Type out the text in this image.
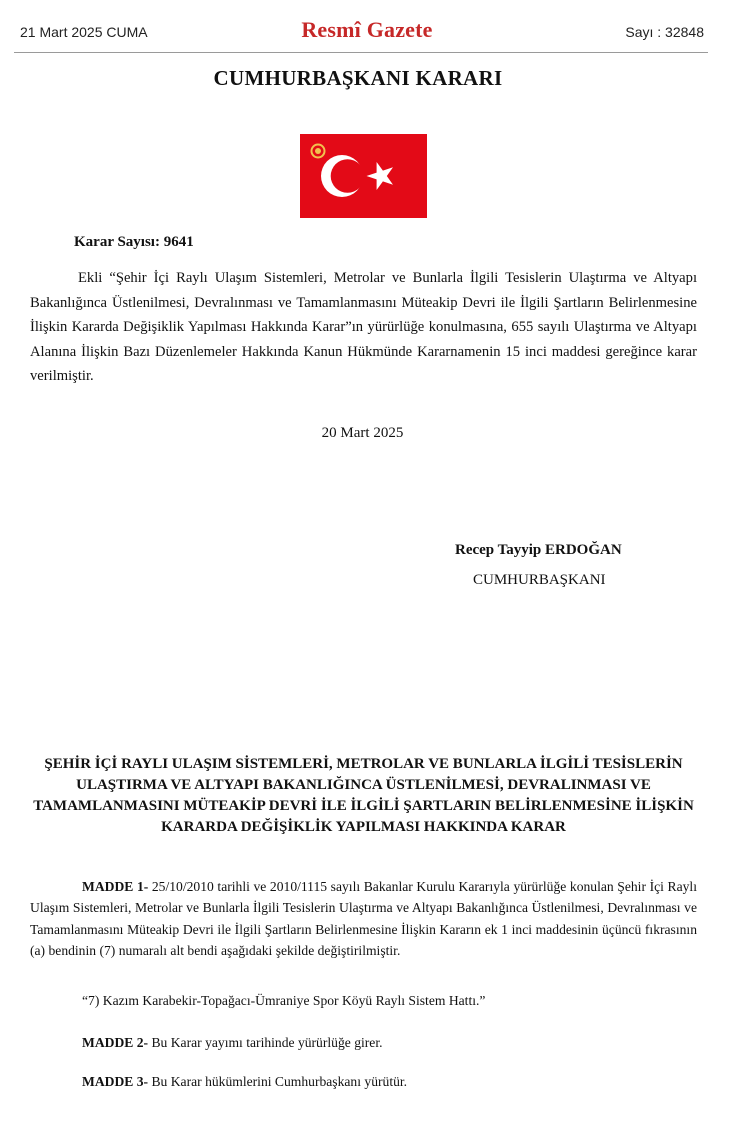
21 Mart 2025 CUMA	Resmî Gazete	Sayı : 32848
CUMHURBAŞKANI KARARI
Karar Sayısı: 9641

Ekli “Şehir İçi Raylı Ulaşım Sistemleri, Metrolar ve Bunlarla İlgili Tesislerin Ulaştırma ve Altyapı Bakanlığınca Üstlenilmesi, Devralınması ve Tamamlanmasını Müteakip Devri ile İlgili Şartların Belirlenmesine İlişkin Kararda Değişiklik Yapılması Hakkında Karar”ın yürürlüğe konulmasına, 655 sayılı Ulaştırma ve Altyapı Alanına İlişkin Bazı Düzenlemeler Hakkında Kanun Hükmünde Kararnamenin 15 inci maddesi gereğince karar verilmiştir.

20 Mart 2025
Recep Tayyip ERDOĞAN
CUMHURBAŞKANI

ŞEHİR İÇİ RAYLI ULAŞIM SİSTEMLERİ, METROLAR VE BUNLARLA İLGİLİ TESİSLERİN ULAŞTIRMA VE ALTYAPI BAKANLIĞINCA ÜSTLENİLMESİ, DEVRALINMASI VE TAMAMLANMASINI MÜTEAKİP DEVRİ İLE İLGİLİ ŞARTLARIN BELİRLENMESİNE İLİŞKİN KARARDA DEĞİŞİKLİK YAPILMASI HAKKINDA KARAR

MADDE 1- 25/10/2010 tarihli ve 2010/1115 sayılı Bakanlar Kurulu Kararıyla yürürlüğe konulan Şehir İçi Raylı Ulaşım Sistemleri, Metrolar ve Bunlarla İlgili Tesislerin Ulaştırma ve Altyapı Bakanlığınca Üstlenilmesi, Devralınması ve Tamamlanmasını Müteakip Devri ile İlgili Şartların Belirlenmesine İlişkin Kararın ek 1 inci maddesinin üçüncü fıkrasının (a) bendinin (7) numaralı alt bendi aşağıdaki şekilde değiştirilmiştir.

“7) Kazım Karabekir-Topağacı-Ümraniye Spor Köyü Raylı Sistem Hattı.”
MADDE 2- Bu Karar yayımı tarihinde yürürlüğe girer.
MADDE 3- Bu Karar hükümlerini Cumhurbaşkanı yürütür.
